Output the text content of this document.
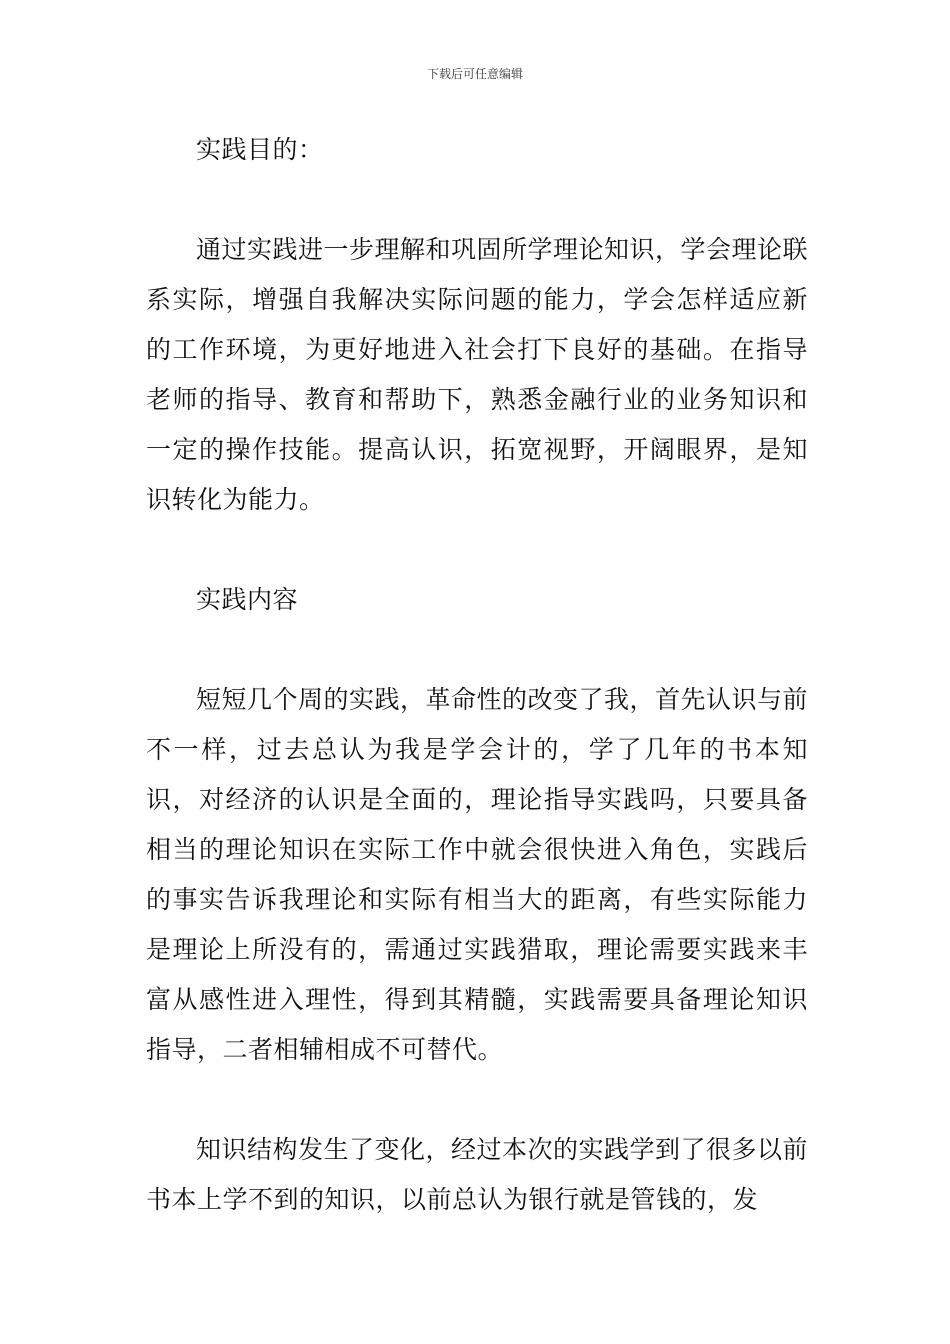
下载后可任意编辑
实践目的：

通过实践进一步理解和巩固所学理论知识，学会理论联系实际，增强自我解决实际问题的能力，学会怎样适应新的工作环境，为更好地进入社会打下良好的基础。在指导老师的指导、教育和帮助下，熟悉金融行业的业务知识和一定的操作技能。提高认识，拓宽视野，开阔眼界，是知识转化为能力。

实践内容

短短几个周的实践，革命性的改变了我，首先认识与前不一样，过去总认为我是学会计的，学了几年的书本知识，对经济的认识是全面的，理论指导实践吗，只要具备相当的理论知识在实际工作中就会很快进入角色，实践后的事实告诉我理论和实际有相当大的距离，有些实际能力是理论上所没有的，需通过实践猎取，理论需要实践来丰富从感性进入理性，得到其精髓，实践需要具备理论知识指导，二者相辅相成不可替代。

知识结构发生了变化，经过本次的实践学到了很多以前书本上学不到的知识，以前总认为银行就是管钱的，发
